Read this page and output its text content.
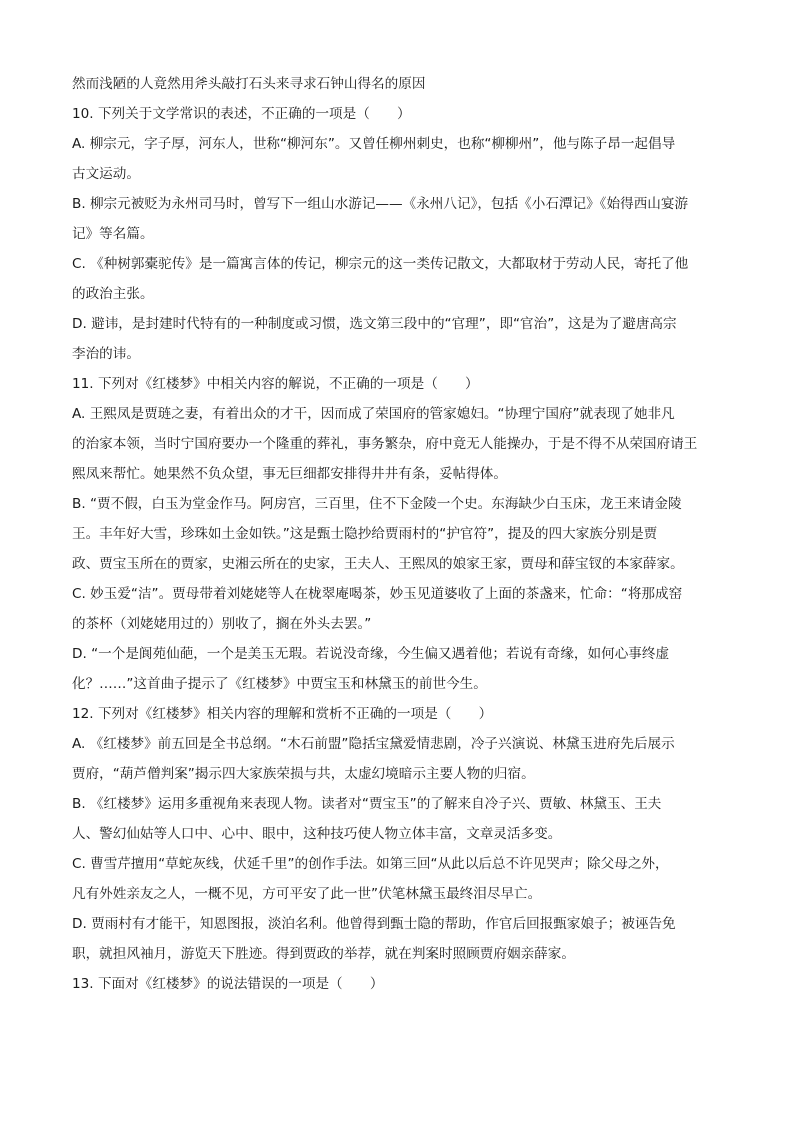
然而浅陋的人竟然用斧头敲打石头来寻求石钟山得名的原因

10. 下列关于文学常识的表述，不正确的一项是（　　）

A. 柳宗元，字子厚，河东人，世称“柳河东”。又曾任柳州刺史，也称“柳柳州”，他与陈子昂一起倡导

古文运动。

B. 柳宗元被贬为永州司马时，曾写下一组山水游记——《永州八记》，包括《小石潭记》《始得西山宴游

记》等名篇。

C. 《种树郭橐驼传》是一篇寓言体的传记，柳宗元的这一类传记散文，大都取材于劳动人民，寄托了他

的政治主张。

D. 避讳，是封建时代特有的一种制度或习惯，选文第三段中的“官理”，即“官治”，这是为了避唐高宗

李治的讳。

11. 下列对《红楼梦》中相关内容的解说，不正确的一项是（　　）

A. 王熙凤是贾琏之妻，有着出众的才干，因而成了荣国府的管家媳妇。“协理宁国府”就表现了她非凡

的治家本领，当时宁国府要办一个隆重的葬礼，事务繁杂，府中竟无人能操办，于是不得不从荣国府请王

熙凤来帮忙。她果然不负众望，事无巨细都安排得井井有条，妥帖得体。

B. “贾不假，白玉为堂金作马。阿房宫，三百里，住不下金陵一个史。东海缺少白玉床，龙王来请金陵

王。丰年好大雪，珍珠如土金如铁。”这是甄士隐抄给贾雨村的“护官符”，提及的四大家族分别是贾

政、贾宝玉所在的贾家，史湘云所在的史家，王夫人、王熙凤的娘家王家，贾母和薛宝钗的本家薛家。

C. 妙玉爱“洁”。贾母带着刘姥姥等人在栊翠庵喝茶，妙玉见道婆收了上面的茶盏来，忙命：“将那成窑

的茶杯（刘姥姥用过的）别收了，搁在外头去罢。”

D. “一个是阆苑仙葩，一个是美玉无瑕。若说没奇缘，今生偏又遇着他；若说有奇缘，如何心事终虚

化？……”这首曲子提示了《红楼梦》中贾宝玉和林黛玉的前世今生。

12. 下列对《红楼梦》相关内容的理解和赏析不正确的一项是（　　）

A. 《红楼梦》前五回是全书总纲。“木石前盟”隐括宝黛爱情悲剧，冷子兴演说、林黛玉进府先后展示

贾府，“葫芦僧判案”揭示四大家族荣损与共，太虚幻境暗示主要人物的归宿。

B. 《红楼梦》运用多重视角来表现人物。读者对“贾宝玉”的了解来自冷子兴、贾敏、林黛玉、王夫

人、警幻仙姑等人口中、心中、眼中，这种技巧使人物立体丰富，文章灵活多变。

C. 曹雪芹擅用“草蛇灰线，伏延千里”的创作手法。如第三回“从此以后总不许见哭声；除父母之外，

凡有外姓亲友之人，一概不见，方可平安了此一世”伏笔林黛玉最终泪尽早亡。

D. 贾雨村有才能干，知恩图报，淡泊名利。他曾得到甄士隐的帮助，作官后回报甄家娘子；被诬告免

职，就担风袖月，游览天下胜迹。得到贾政的举荐，就在判案时照顾贾府姻亲薛家。

13. 下面对《红楼梦》的说法错误的一项是（　　）
